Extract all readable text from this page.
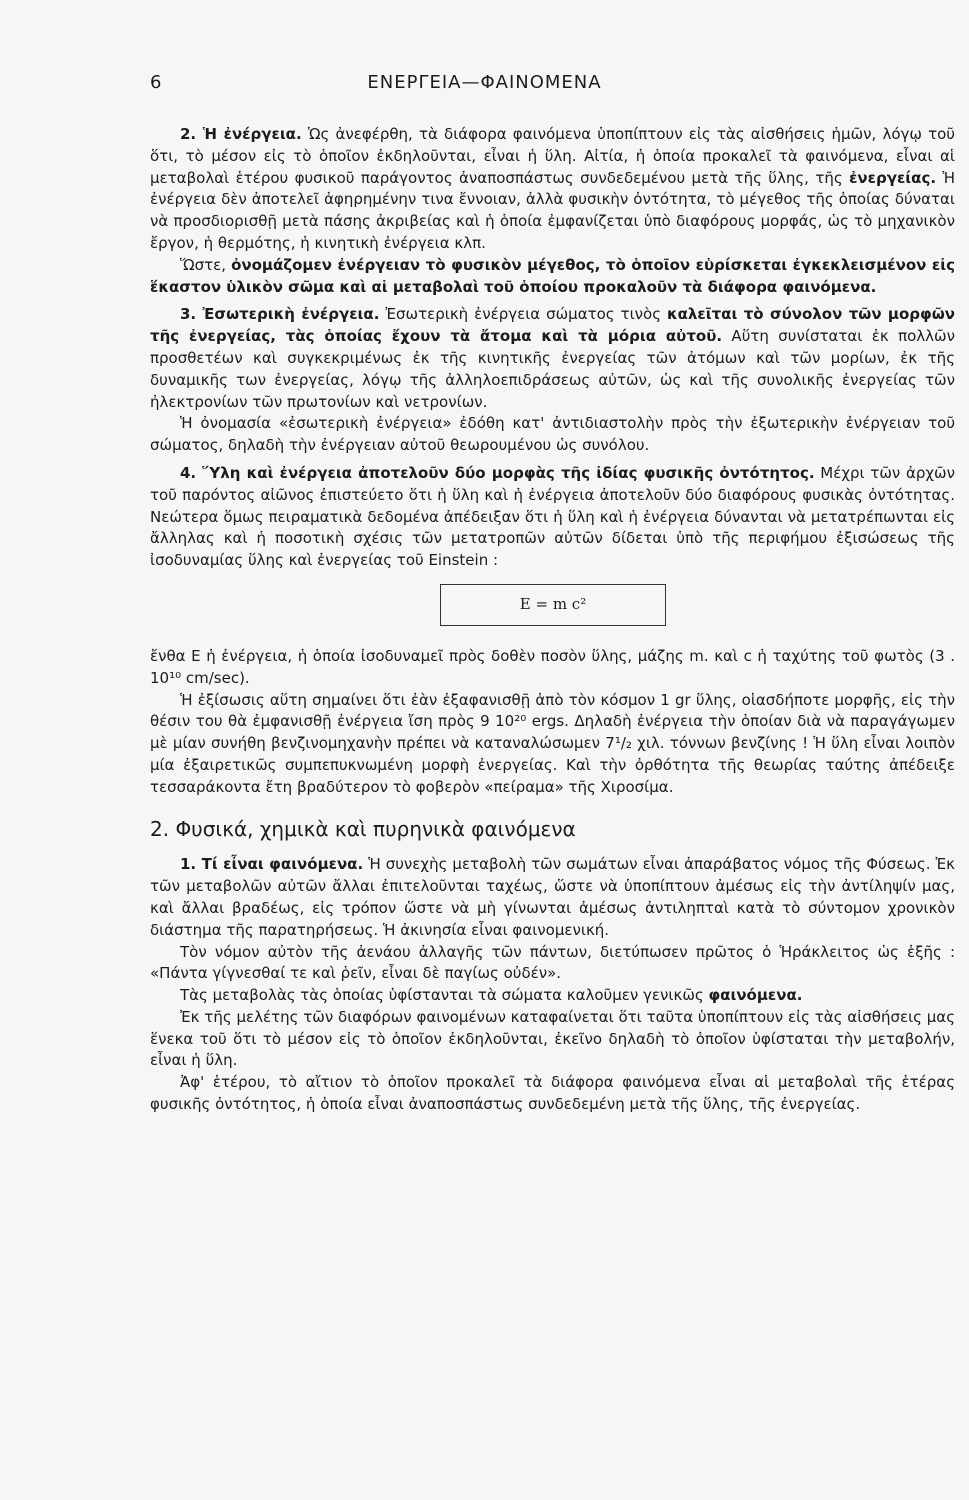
6	ΕΝΕΡΓΕΙΑ—ΦΑΙΝΟΜΕΝΑ

2. Ἡ ἐνέργεια. Ὡς ἀνεφέρθη, τὰ διάφορα φαινόμενα ὑποπίπτουν εἰς τὰς αἰσθήσεις ἡμῶν, λόγῳ τοῦ ὅτι, τὸ μέσον εἰς τὸ ὁποῖον ἐκδηλοῦνται, εἶναι ἡ ὕλη. Αἰτία, ἡ ὁποία προκαλεῖ τὰ φαινόμενα, εἶναι αἱ μεταβολαὶ ἑτέρου φυσικοῦ παράγοντος ἀναποσπάστως συνδεδεμένου μετὰ τῆς ὕλης, τῆς ἐνεργείας. Ἡ ἐνέργεια δὲν ἀποτελεῖ ἀφηρημένην τινα ἔννοιαν, ἀλλὰ φυσικὴν ὀντότητα, τὸ μέγεθος τῆς ὁποίας δύναται νὰ προσδιορισθῇ μετὰ πάσης ἀκριβείας καὶ ἡ ὁποία ἐμφανίζεται ὑπὸ διαφόρους μορφάς, ὡς τὸ μηχανικὸν ἔργον, ἡ θερμότης, ἡ κινητικὴ ἐνέργεια κλπ.

Ὥστε, ὀνομάζομεν ἐνέργειαν τὸ φυσικὸν μέγεθος, τὸ ὁποῖον εὑρίσκεται ἐγκεκλεισμένον εἰς ἕκαστον ὑλικὸν σῶμα καὶ αἱ μεταβολαὶ τοῦ ὁποίου προκαλοῦν τὰ διάφορα φαινόμενα.

3. Ἐσωτερικὴ ἐνέργεια. Ἐσωτερικὴ ἐνέργεια σώματος τινὸς καλεῖται τὸ σύνολον τῶν μορφῶν τῆς ἐνεργείας, τὰς ὁποίας ἔχουν τὰ ἄτομα καὶ τὰ μόρια αὐτοῦ. Αὕτη συνίσταται ἐκ πολλῶν προσθετέων καὶ συγκεκριμένως ἐκ τῆς κινητικῆς ἐνεργείας τῶν ἀτόμων καὶ τῶν μορίων, ἐκ τῆς δυναμικῆς των ἐνεργείας, λόγῳ τῆς ἀλληλοεπιδράσεως αὐτῶν, ὡς καὶ τῆς συνολικῆς ἐνεργείας τῶν ἠλεκτρονίων τῶν πρωτονίων καὶ νετρονίων.

Ἡ ὀνομασία «ἐσωτερικὴ ἐνέργεια» ἐδόθη κατ' ἀντιδιαστολὴν πρὸς τὴν ἐξωτερικὴν ἐνέργειαν τοῦ σώματος, δηλαδὴ τὴν ἐνέργειαν αὐτοῦ θεωρουμένου ὡς συνόλου.

4. Ὕλη καὶ ἐνέργεια ἀποτελοῦν δύο μορφὰς τῆς ἰδίας φυσικῆς ὀντότητος. Μέχρι τῶν ἀρχῶν τοῦ παρόντος αἰῶνος ἐπιστεύετο ὅτι ἡ ὕλη καὶ ἡ ἐνέργεια ἀποτελοῦν δύο διαφόρους φυσικὰς ὀντότητας. Νεώτερα ὅμως πειραματικὰ δεδομένα ἀπέδειξαν ὅτι ἡ ὕλη καὶ ἡ ἐνέργεια δύνανται νὰ μετατρέπωνται εἰς ἄλληλας καὶ ἡ ποσοτικὴ σχέσις τῶν μετατροπῶν αὐτῶν δίδεται ὑπὸ τῆς περιφήμου ἐξισώσεως τῆς ἰσοδυναμίας ὕλης καὶ ἐνεργείας τοῦ Einstein :

E = m c²

ἔνθα E ἡ ἐνέργεια, ἡ ὁποία ἰσοδυναμεῖ πρὸς δοθὲν ποσὸν ὕλης, μάζης m. καὶ c ἡ ταχύτης τοῦ φωτὸς (3 . 10¹⁰ cm/sec).

Ἡ ἐξίσωσις αὕτη σημαίνει ὅτι ἐὰν ἐξαφανισθῇ ἀπὸ τὸν κόσμον 1 gr ὕλης, οἱασδήποτε μορφῆς, εἰς τὴν θέσιν του θὰ ἐμφανισθῇ ἐνέργεια ἴση πρὸς 9 10²⁰ ergs. Δηλαδὴ ἐνέργεια τὴν ὁποίαν διὰ νὰ παραγάγωμεν μὲ μίαν συνήθη βενζινομηχανὴν πρέπει νὰ καταναλώσωμεν 7¹/₂ χιλ. τόννων βενζίνης ! Ἡ ὕλη εἶναι λοιπὸν μία ἐξαιρετικῶς συμπεπυκνωμένη μορφὴ ἐνεργείας. Καὶ τὴν ὀρθότητα τῆς θεωρίας ταύτης ἀπέδειξε τεσσαράκοντα ἔτη βραδύτερον τὸ φοβερὸν «πείραμα» τῆς Χιροσίμα.

2. Φυσικά, χημικὰ καὶ πυρηνικὰ φαινόμενα

1. Τί εἶναι φαινόμενα. Ἡ συνεχὴς μεταβολὴ τῶν σωμάτων εἶναι ἀπαράβατος νόμος τῆς Φύσεως. Ἐκ τῶν μεταβολῶν αὐτῶν ἄλλαι ἐπιτελοῦνται ταχέως, ὥστε νὰ ὑποπίπτουν ἀμέσως εἰς τὴν ἀντίληψίν μας, καὶ ἄλλαι βραδέως, εἰς τρόπον ὥστε νὰ μὴ γίνωνται ἀμέσως ἀντιληπταὶ κατὰ τὸ σύντομον χρονικὸν διάστημα τῆς παρατηρήσεως. Ἡ ἀκινησία εἶναι φαινομενική.

Τὸν νόμον αὐτὸν τῆς ἀενάου ἀλλαγῆς τῶν πάντων, διετύπωσεν πρῶτος ὁ Ἡράκλειτος ὡς ἑξῆς : «Πάντα γίγνεσθαί τε καὶ ῥεῖν, εἶναι δὲ παγίως οὐδέν».

Τὰς μεταβολὰς τὰς ὁποίας ὑφίστανται τὰ σώματα καλοῦμεν γενικῶς φαινόμενα.

Ἐκ τῆς μελέτης τῶν διαφόρων φαινομένων καταφαίνεται ὅτι ταῦτα ὑποπίπτουν εἰς τὰς αἰσθήσεις μας ἕνεκα τοῦ ὅτι τὸ μέσον εἰς τὸ ὁποῖον ἐκδηλοῦνται, ἐκεῖνο δηλαδὴ τὸ ὁποῖον ὑφίσταται τὴν μεταβολήν, εἶναι ἡ ὕλη.

Ἀφ' ἑτέρου, τὸ αἴτιον τὸ ὁποῖον προκαλεῖ τὰ διάφορα φαινόμενα εἶναι αἱ μεταβολαὶ τῆς ἑτέρας φυσικῆς ὀντότητος, ἡ ὁποία εἶναι ἀναποσπάστως συνδεδεμένη μετὰ τῆς ὕλης, τῆς ἐνεργείας.
